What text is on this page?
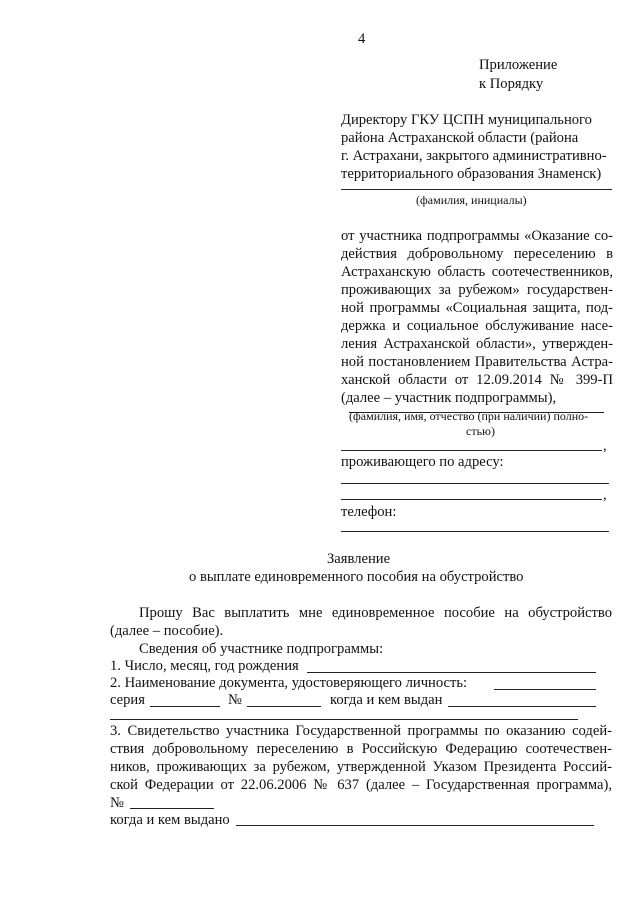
4
Приложение
к Порядку
Директору ГКУ ЦСПН муниципального
района Астраханской области (района
г. Астрахани, закрытого административно-
территориального образования Знаменск)
(фамилия, инициалы)
от участника подпрограммы «Оказание со-
действия добровольному переселению в
Астраханскую область соотечественников,
проживающих за рубежом» государствен-
ной программы «Социальная защита, под-
держка и социальное обслуживание насе-
ления Астраханской области», утвержден-
ной постановлением Правительства Астра-
ханской области от 12.09.2014 № 399-П
(далее – участник подпрограммы),
(фамилия, имя, отчество (при наличии) полно-
стью)
,
проживающего по адресу:
,
телефон:
Заявление
о выплате единовременного пособия на обустройство
Прошу Вас выплатить мне единовременное пособие на обустройство
(далее – пособие).
Сведения об участнике подпрограммы:
1. Число, месяц, год рождения
2. Наименование документа, удостоверяющего личность:
серия	№	когда и кем выдан
3. Свидетельство участника Государственной программы по оказанию содей-
ствия добровольному переселению в Российскую Федерацию соотечествен-
ников, проживающих за рубежом, утвержденной Указом Президента Россий-
ской Федерации от 22.06.2006 № 637 (далее – Государственная программа),
№
когда и кем выдано
